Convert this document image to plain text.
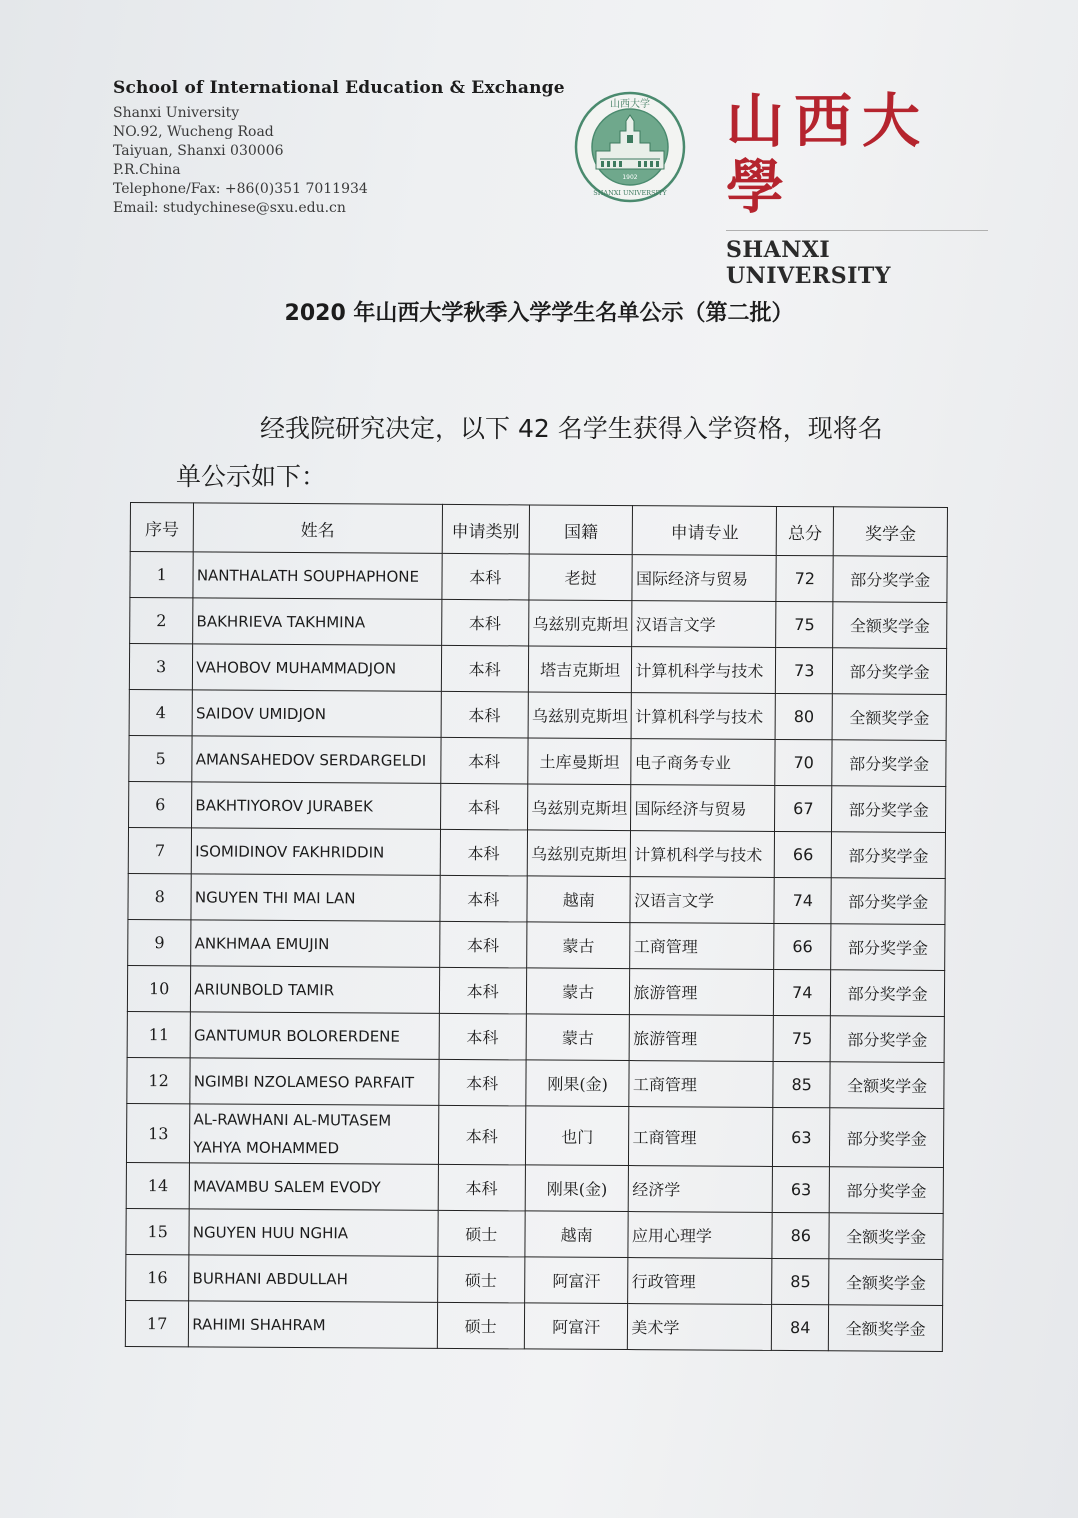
School of International Education & Exchange
Shanxi University
NO.92, Wucheng Road
Taiyuan, Shanxi 030006
P.R.China
Telephone/Fax: +86(0)351 7011934
Email: studychinese@sxu.edu.cn
山西大学
1902
SHANXI UNIVERSITY
山西大學
SHANXI UNIVERSITY
2020 年山西大学秋季入学学生名单公示（第二批）
经我院研究决定，以下 42 名学生获得入学资格，现将名
单公示如下：
序号	姓名	申请类别	国籍	申请专业	总分	奖学金
1	NANTHALATH SOUPHAPHONE	本科	老挝	国际经济与贸易	72	部分奖学金
2	BAKHRIEVA TAKHMINA	本科	乌兹别克斯坦	汉语言文学	75	全额奖学金
3	VAHOBOV MUHAMMADJON	本科	塔吉克斯坦	计算机科学与技术	73	部分奖学金
4	SAIDOV UMIDJON	本科	乌兹别克斯坦	计算机科学与技术	80	全额奖学金
5	AMANSAHEDOV SERDARGELDI	本科	土库曼斯坦	电子商务专业	70	部分奖学金
6	BAKHTIYOROV JURABEK	本科	乌兹别克斯坦	国际经济与贸易	67	部分奖学金
7	ISOMIDINOV FAKHRIDDIN	本科	乌兹别克斯坦	计算机科学与技术	66	部分奖学金
8	NGUYEN THI MAI LAN	本科	越南	汉语言文学	74	部分奖学金
9	ANKHMAA EMUJIN	本科	蒙古	工商管理	66	部分奖学金
10	ARIUNBOLD TAMIR	本科	蒙古	旅游管理	74	部分奖学金
11	GANTUMUR BOLORERDENE	本科	蒙古	旅游管理	75	部分奖学金
12	NGIMBI NZOLAMESO PARFAIT	本科	刚果(金)	工商管理	85	全额奖学金
13	AL-RAWHANI AL-MUTASEM YAHYA MOHAMMED	本科	也门	工商管理	63	部分奖学金
14	MAVAMBU SALEM EVODY	本科	刚果(金)	经济学	63	部分奖学金
15	NGUYEN HUU NGHIA	硕士	越南	应用心理学	86	全额奖学金
16	BURHANI ABDULLAH	硕士	阿富汗	行政管理	85	全额奖学金
17	RAHIMI SHAHRAM	硕士	阿富汗	美术学	84	全额奖学金
